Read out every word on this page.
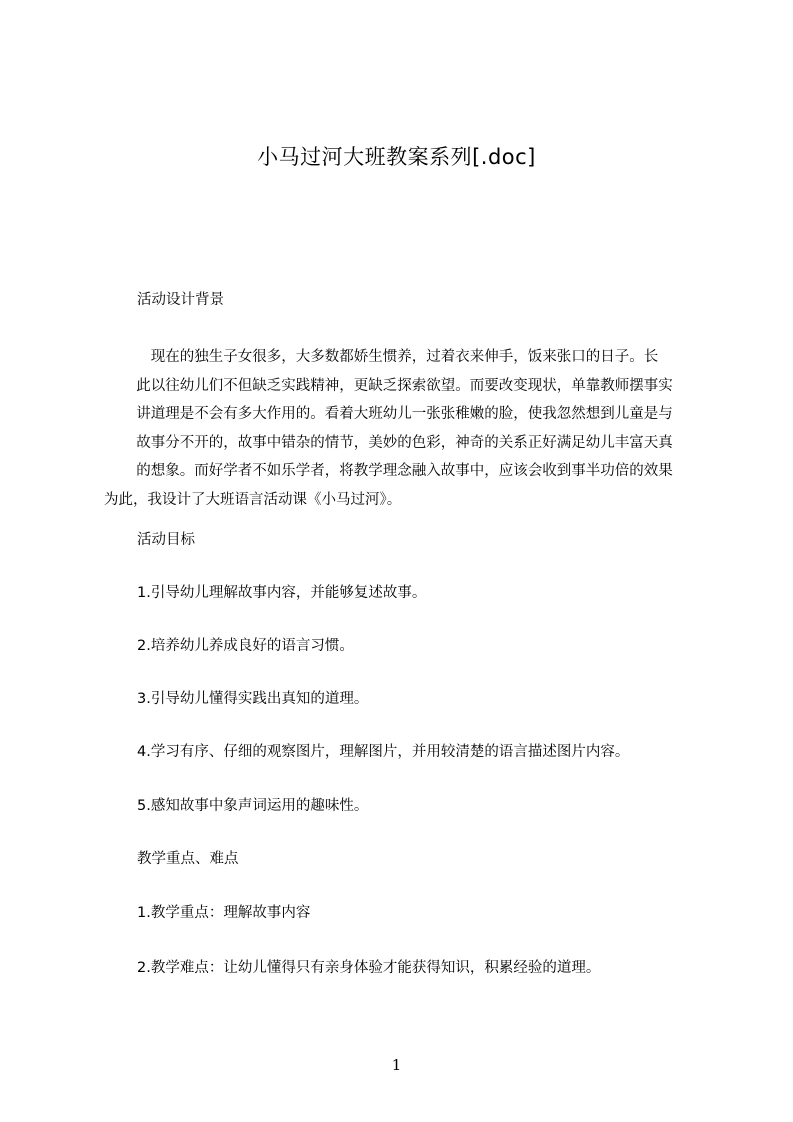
小马过河大班教案系列[.doc]
活动设计背景
现在的独生子女很多，大多数都娇生惯养，过着衣来伸手，饭来张口的日子。长
此以往幼儿们不但缺乏实践精神，更缺乏探索欲望。而要改变现状，单靠教师摆事实
讲道理是不会有多大作用的。看着大班幼儿一张张稚嫩的脸，使我忽然想到儿童是与
故事分不开的，故事中错杂的情节，美妙的色彩，神奇的关系正好满足幼儿丰富天真
的想象。而好学者不如乐学者，将教学理念融入故事中，应该会收到事半功倍的效果
为此，我设计了大班语言活动课《小马过河》。
活动目标
1.引导幼儿理解故事内容，并能够复述故事。
2.培养幼儿养成良好的语言习惯。
3.引导幼儿懂得实践出真知的道理。
4.学习有序、仔细的观察图片，理解图片，并用较清楚的语言描述图片内容。
5.感知故事中象声词运用的趣味性。
教学重点、难点
1.教学重点：理解故事内容
2.教学难点：让幼儿懂得只有亲身体验才能获得知识，积累经验的道理。
1
